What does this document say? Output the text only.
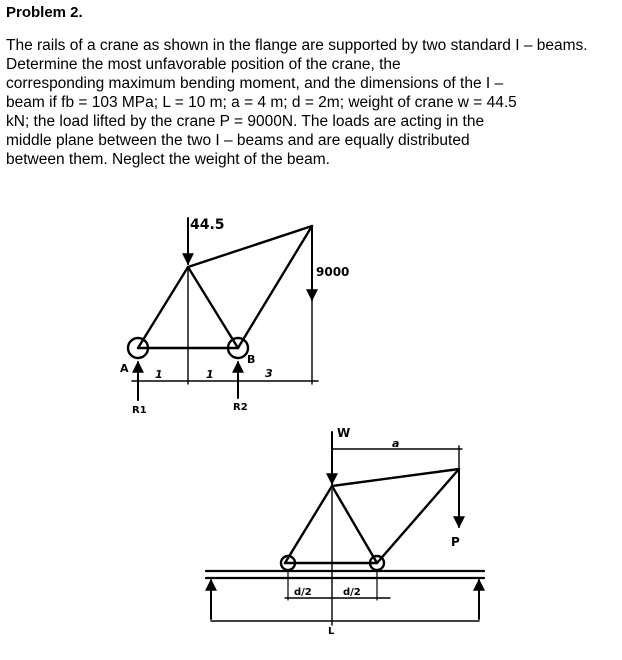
Problem 2.

The rails of a crane as shown in the flange are supported by two standard I – beams. Determine the most unfavorable position of the crane, the
corresponding maximum bending moment, and the dimensions of the I –
beam if fb = 103 MPa; L = 10 m; a = 4 m; d = 2m; weight of crane w = 44.5
kN; the load lifted by the crane P = 9000N. The loads are acting in the
middle plane between the two I – beams and are equally distributed
between them. Neglect the weight of the beam.

44.5
9000
A
B
1	1	3
R1	R2
W
a
P
d/2	d/2
L
